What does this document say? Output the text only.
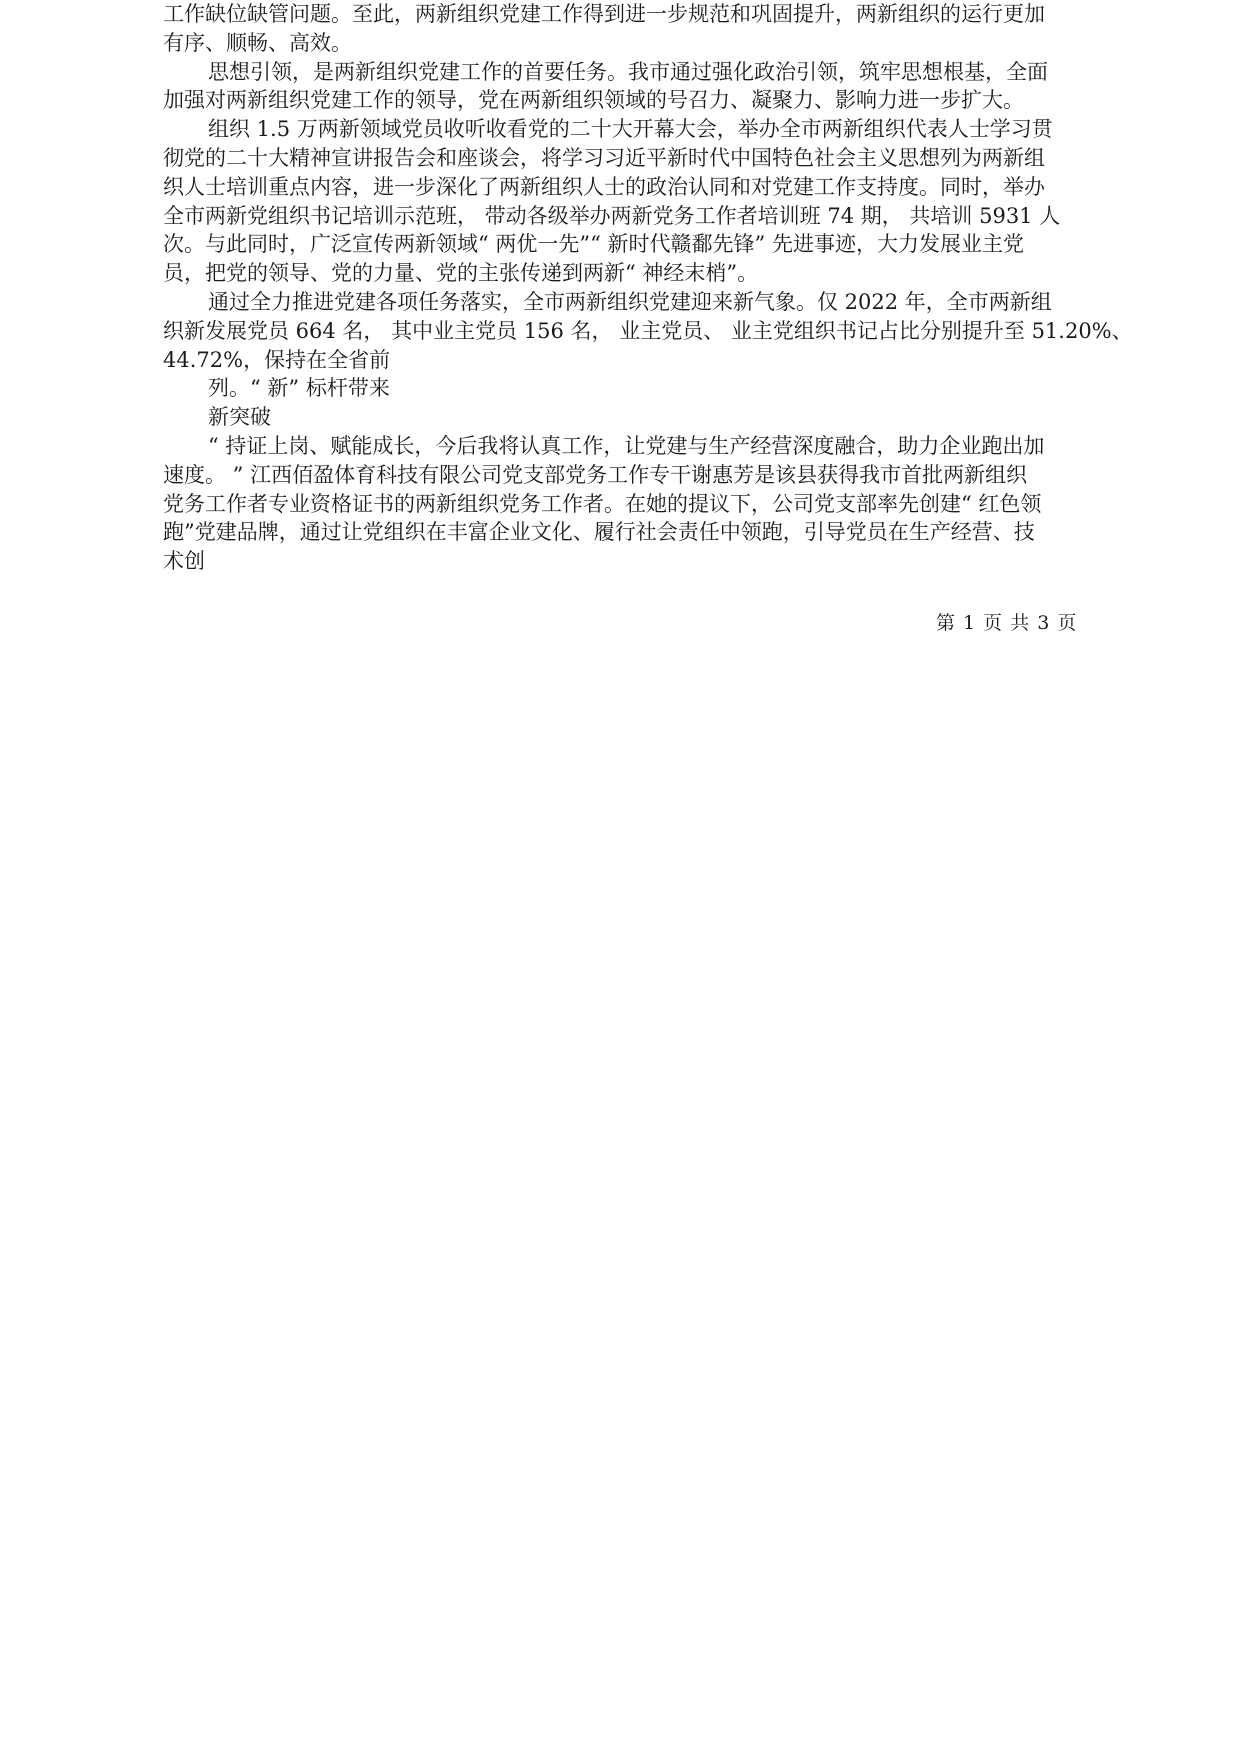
工作缺位缺管问题。至此，两新组织党建工作得到进一步规范和巩固提升，两新组织的运行更加
有序、顺畅、高效。
思想引领，是两新组织党建工作的首要任务。我市通过强化政治引领，筑牢思想根基，全面
加强对两新组织党建工作的领导，党在两新组织领域的号召力、凝聚力、影响力进一步扩大。
组织 1.5 万两新领域党员收听收看党的二十大开幕大会，举办全市两新组织代表人士学习贯
彻党的二十大精神宣讲报告会和座谈会，将学习习近平新时代中国特色社会主义思想列为两新组
织人士培训重点内容，进一步深化了两新组织人士的政治认同和对党建工作支持度。同时，举办
全市两新党组织书记培训示范班， 带动各级举办两新党务工作者培训班 74 期， 共培训 5931 人
次。与此同时，广泛宣传两新领域“ 两优一先”“ 新时代赣鄱先锋” 先进事迹，大力发展业主党
员，把党的领导、党的力量、党的主张传递到两新“ 神经末梢”。
通过全力推进党建各项任务落实，全市两新组织党建迎来新气象。仅 2022 年，全市两新组
织新发展党员 664 名， 其中业主党员 156 名， 业主党员、 业主党组织书记占比分别提升至 51.20%、
44.72%，保持在全省前
列。“ 新” 标杆带来
新突破
“ 持证上岗、赋能成长，今后我将认真工作，让党建与生产经营深度融合，助力企业跑出加
速度。 ” 江西佰盈体育科技有限公司党支部党务工作专干谢惠芳是该县获得我市首批两新组织
党务工作者专业资格证书的两新组织党务工作者。在她的提议下，公司党支部率先创建“ 红色领
跑”党建品牌，通过让党组织在丰富企业文化、履行社会责任中领跑，引导党员在生产经营、技
术创
第 1 页 共 3 页
